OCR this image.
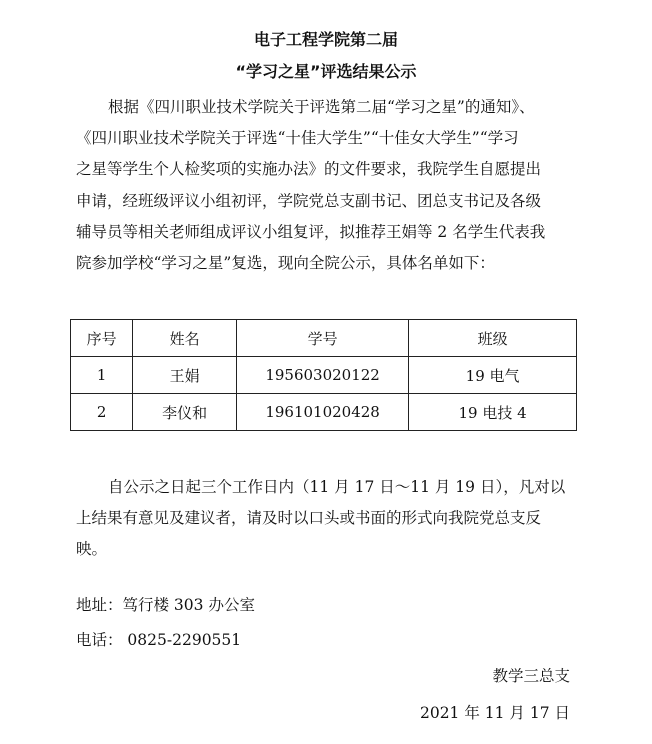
电子工程学院第二届
“学习之星”评选结果公示
根据《四川职业技术学院关于评选第二届“学习之星”的通知》、
《四川职业技术学院关于评选“十佳大学生”“十佳女大学生”“学习
之星等学生个人检奖项的实施办法》的文件要求，我院学生自愿提出
申请，经班级评议小组初评，学院党总支副书记、团总支书记及各级
辅导员等相关老师组成评议小组复评，拟推荐王娟等 2 名学生代表我
院参加学校“学习之星”复选，现向全院公示，具体名单如下：
序号	姓名	学号	班级
1	王娟	195603020122	19 电气
2	李仪和	196101020428	19 电技 4
自公示之日起三个工作日内（11 月 17 日〜11 月 19 日），凡对以
上结果有意见及建议者，请及时以口头或书面的形式向我院党总支反
映。

地址：笃行楼 303 办公室

电话： 0825-2290551

教学三总支

2021 年 11 月 17 日
